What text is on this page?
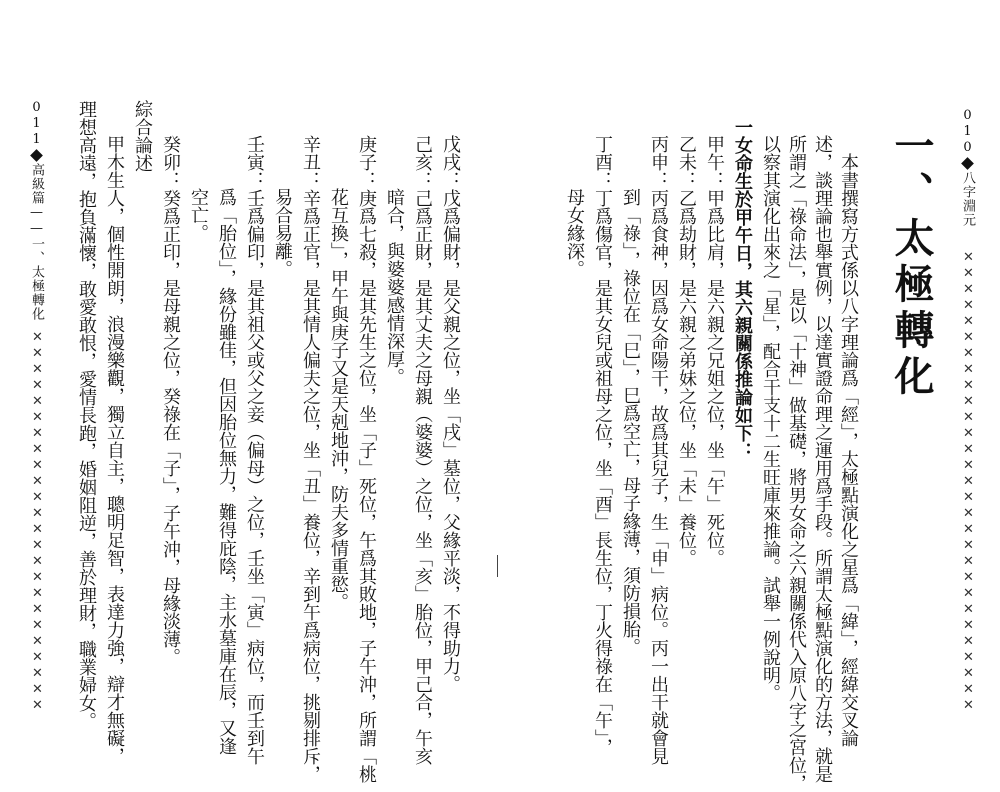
010八字淵元
✕✕✕✕✕✕✕✕✕✕✕✕✕✕✕✕✕✕✕✕✕✕✕✕✕✕✕✕✕
一、太極轉化
本書撰寫方式係以八字理論爲「經」，太極點演化之星爲「緯」，經緯交叉論
述，談理論也舉實例，以達實證命理之運用爲手段。所謂太極點演化的方法，就是
所謂之「祿命法」，是以「十神」做基礎，將男女命之六親關係代入原八字之宮位，
以察其演化出來之「星」，配合干支十二生旺庫來推論。試舉一例說明。
一女命生於甲午日，其六親關係推論如下：
甲午：甲爲比肩，是六親之兄姐之位，坐「午」死位。
乙未：乙爲劫財，是六親之弟妹之位，坐「未」養位。
丙申：丙爲食神，因爲女命陽干，故爲其兒子，生「申」病位。丙一出干就會見
到「祿」，祿位在「巳」，巳爲空亡，母子緣薄，須防損胎。
丁酉：丁爲傷官，是其女兒或祖母之位，坐「酉」長生位，丁火得祿在「午」，
母女緣深。
戊戌：戊爲偏財，是父親之位，坐「戌」墓位，父緣平淡，不得助力。
己亥：己爲正財，是其丈夫之母親（婆婆）之位，坐「亥」胎位，甲己合，午亥
暗合，與婆婆感情深厚。
庚子：庚爲七殺，是其先生之位，坐「子」死位，午爲其敗地，子午沖，所謂「桃
花互換」，甲午與庚子又是天剋地沖，防夫多情重慾。
辛丑：辛爲正官，是其情人偏夫之位，坐「丑」養位，辛到午爲病位，挑剔排斥，
易合易離。
壬寅：壬爲偏印，是其祖父或父之妾（偏母）之位，壬坐「寅」病位，而壬到午
爲「胎位」，緣份雖佳，但因胎位無力，難得庇陰，主水墓庫在辰，又逢
空亡。
癸卯：癸爲正印，是母親之位，癸祿在「子」，子午沖，母緣淡薄。
綜合論述
甲木生人，個性開朗，浪漫樂觀，獨立自主，聰明足智，表達力強，辯才無礙，
理想高遠，抱負滿懷，敢愛敢恨，愛情長跑，婚姻阻逆，善於理財，職業婦女。
011高級篇——一、太極轉化
✕✕✕✕✕✕✕✕✕✕✕✕✕✕✕✕✕✕✕✕✕✕✕✕
